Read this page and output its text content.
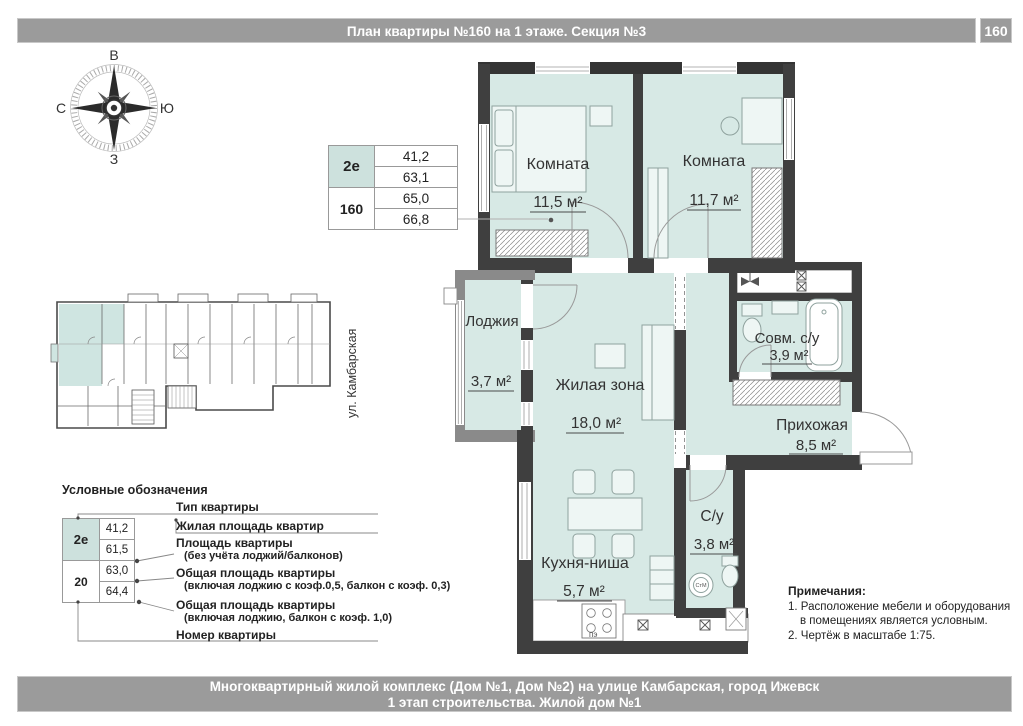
План квартиры №160 на 1 этаже. Секция №3	160
В
Ю
С
З	2е	41,2
	63,1
160	65,0
	66,8
ул. Камбарская
Условные обозначения
2е	41,2
	61,5
20	63,0
	64,4
Тип квартиры
Жилая площадь квартир
Площадь квартиры
(без учёта лоджий/балконов)
Общая площадь квартиры
(включая лоджию с коэф.0,5, балкон с коэф. 0,3)
Общая площадь квартиры
(включая лоджию, балкон с коэф. 1,0)
Номер квартиры	пэ
СтМ
Комната
11,5 м²
Комната
11,7 м²
Лоджия
3,7 м²	Жилая зона
18,0 м²
Совм. с/у
3,9 м²
Прихожая
8,5 м²
С/у
3,8 м²
Кухня-ниша
5,7 м²	Примечания:
1. Расположение мебели и оборудования
в помещениях является условным.
2. Чертёж в масштабе 1:75.
Многоквартирный жилой комплекс (Дом №1, Дом №2) на улице Камбарская, город Ижевск
1 этап строительства. Жилой дом №1
